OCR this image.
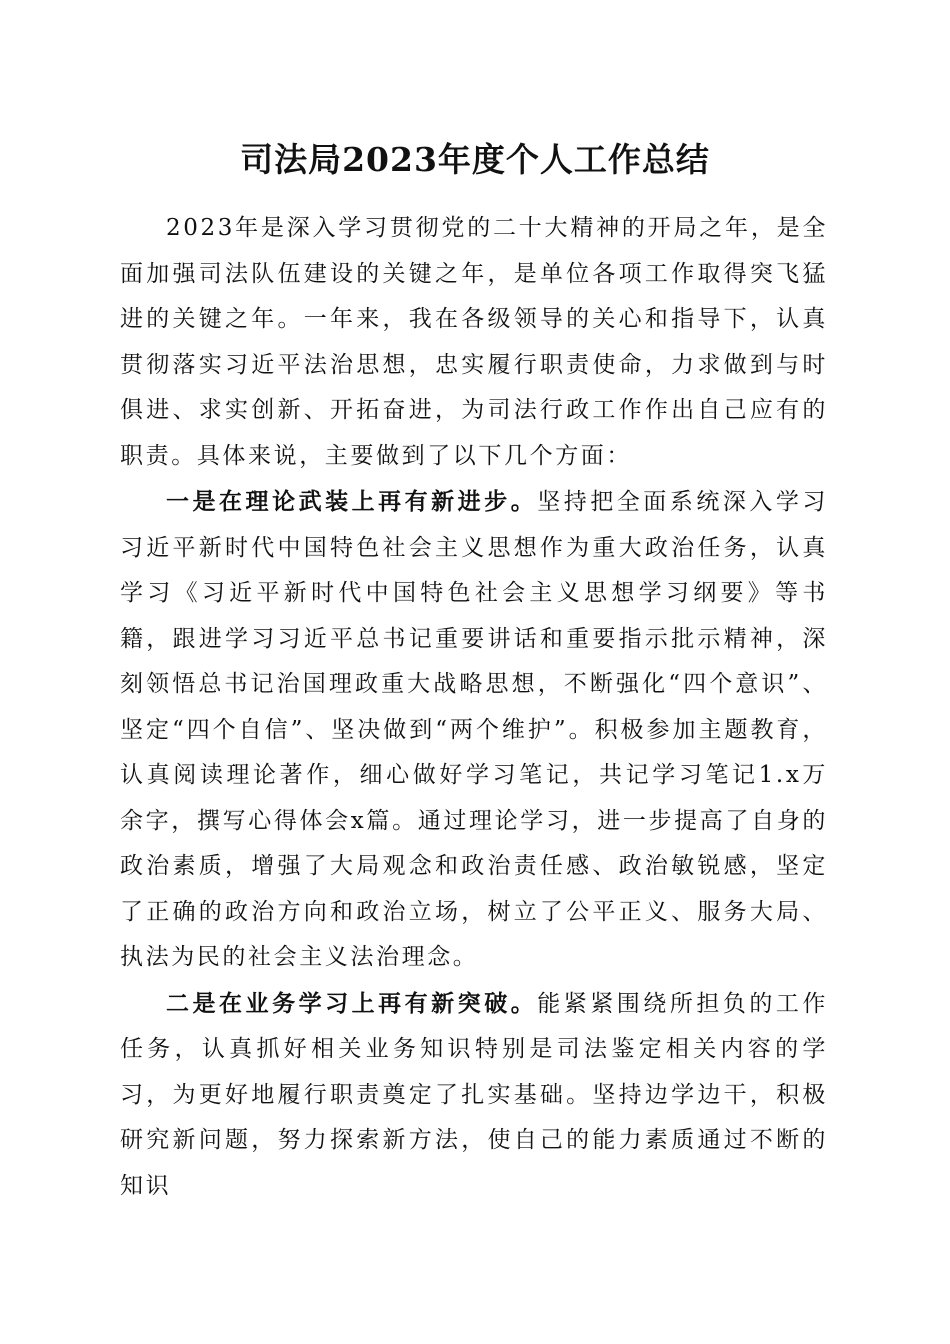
司法局2023年度个人工作总结

2023年是深入学习贯彻党的二十大精神的开局之年，是全面加强司法队伍建设的关键之年，是单位各项工作取得突飞猛进的关键之年。一年来，我在各级领导的关心和指导下，认真贯彻落实习近平法治思想，忠实履行职责使命，力求做到与时俱进、求实创新、开拓奋进，为司法行政工作作出自己应有的职责。具体来说，主要做到了以下几个方面：

一是在理论武装上再有新进步。坚持把全面系统深入学习习近平新时代中国特色社会主义思想作为重大政治任务，认真学习《习近平新时代中国特色社会主义思想学习纲要》等书籍，跟进学习习近平总书记重要讲话和重要指示批示精神，深刻领悟总书记治国理政重大战略思想，不断强化“四个意识”、坚定“四个自信”、坚决做到“两个维护”。积极参加主题教育，认真阅读理论著作，细心做好学习笔记，共记学习笔记1.x万余字，撰写心得体会x篇。通过理论学习，进一步提高了自身的政治素质，增强了大局观念和政治责任感、政治敏锐感，坚定了正确的政治方向和政治立场，树立了公平正义、服务大局、执法为民的社会主义法治理念。

二是在业务学习上再有新突破。能紧紧围绕所担负的工作任务，认真抓好相关业务知识特别是司法鉴定相关内容的学习，为更好地履行职责奠定了扎实基础。坚持边学边干，积极研究新问题，努力探索新方法，使自己的能力素质通过不断的知识
